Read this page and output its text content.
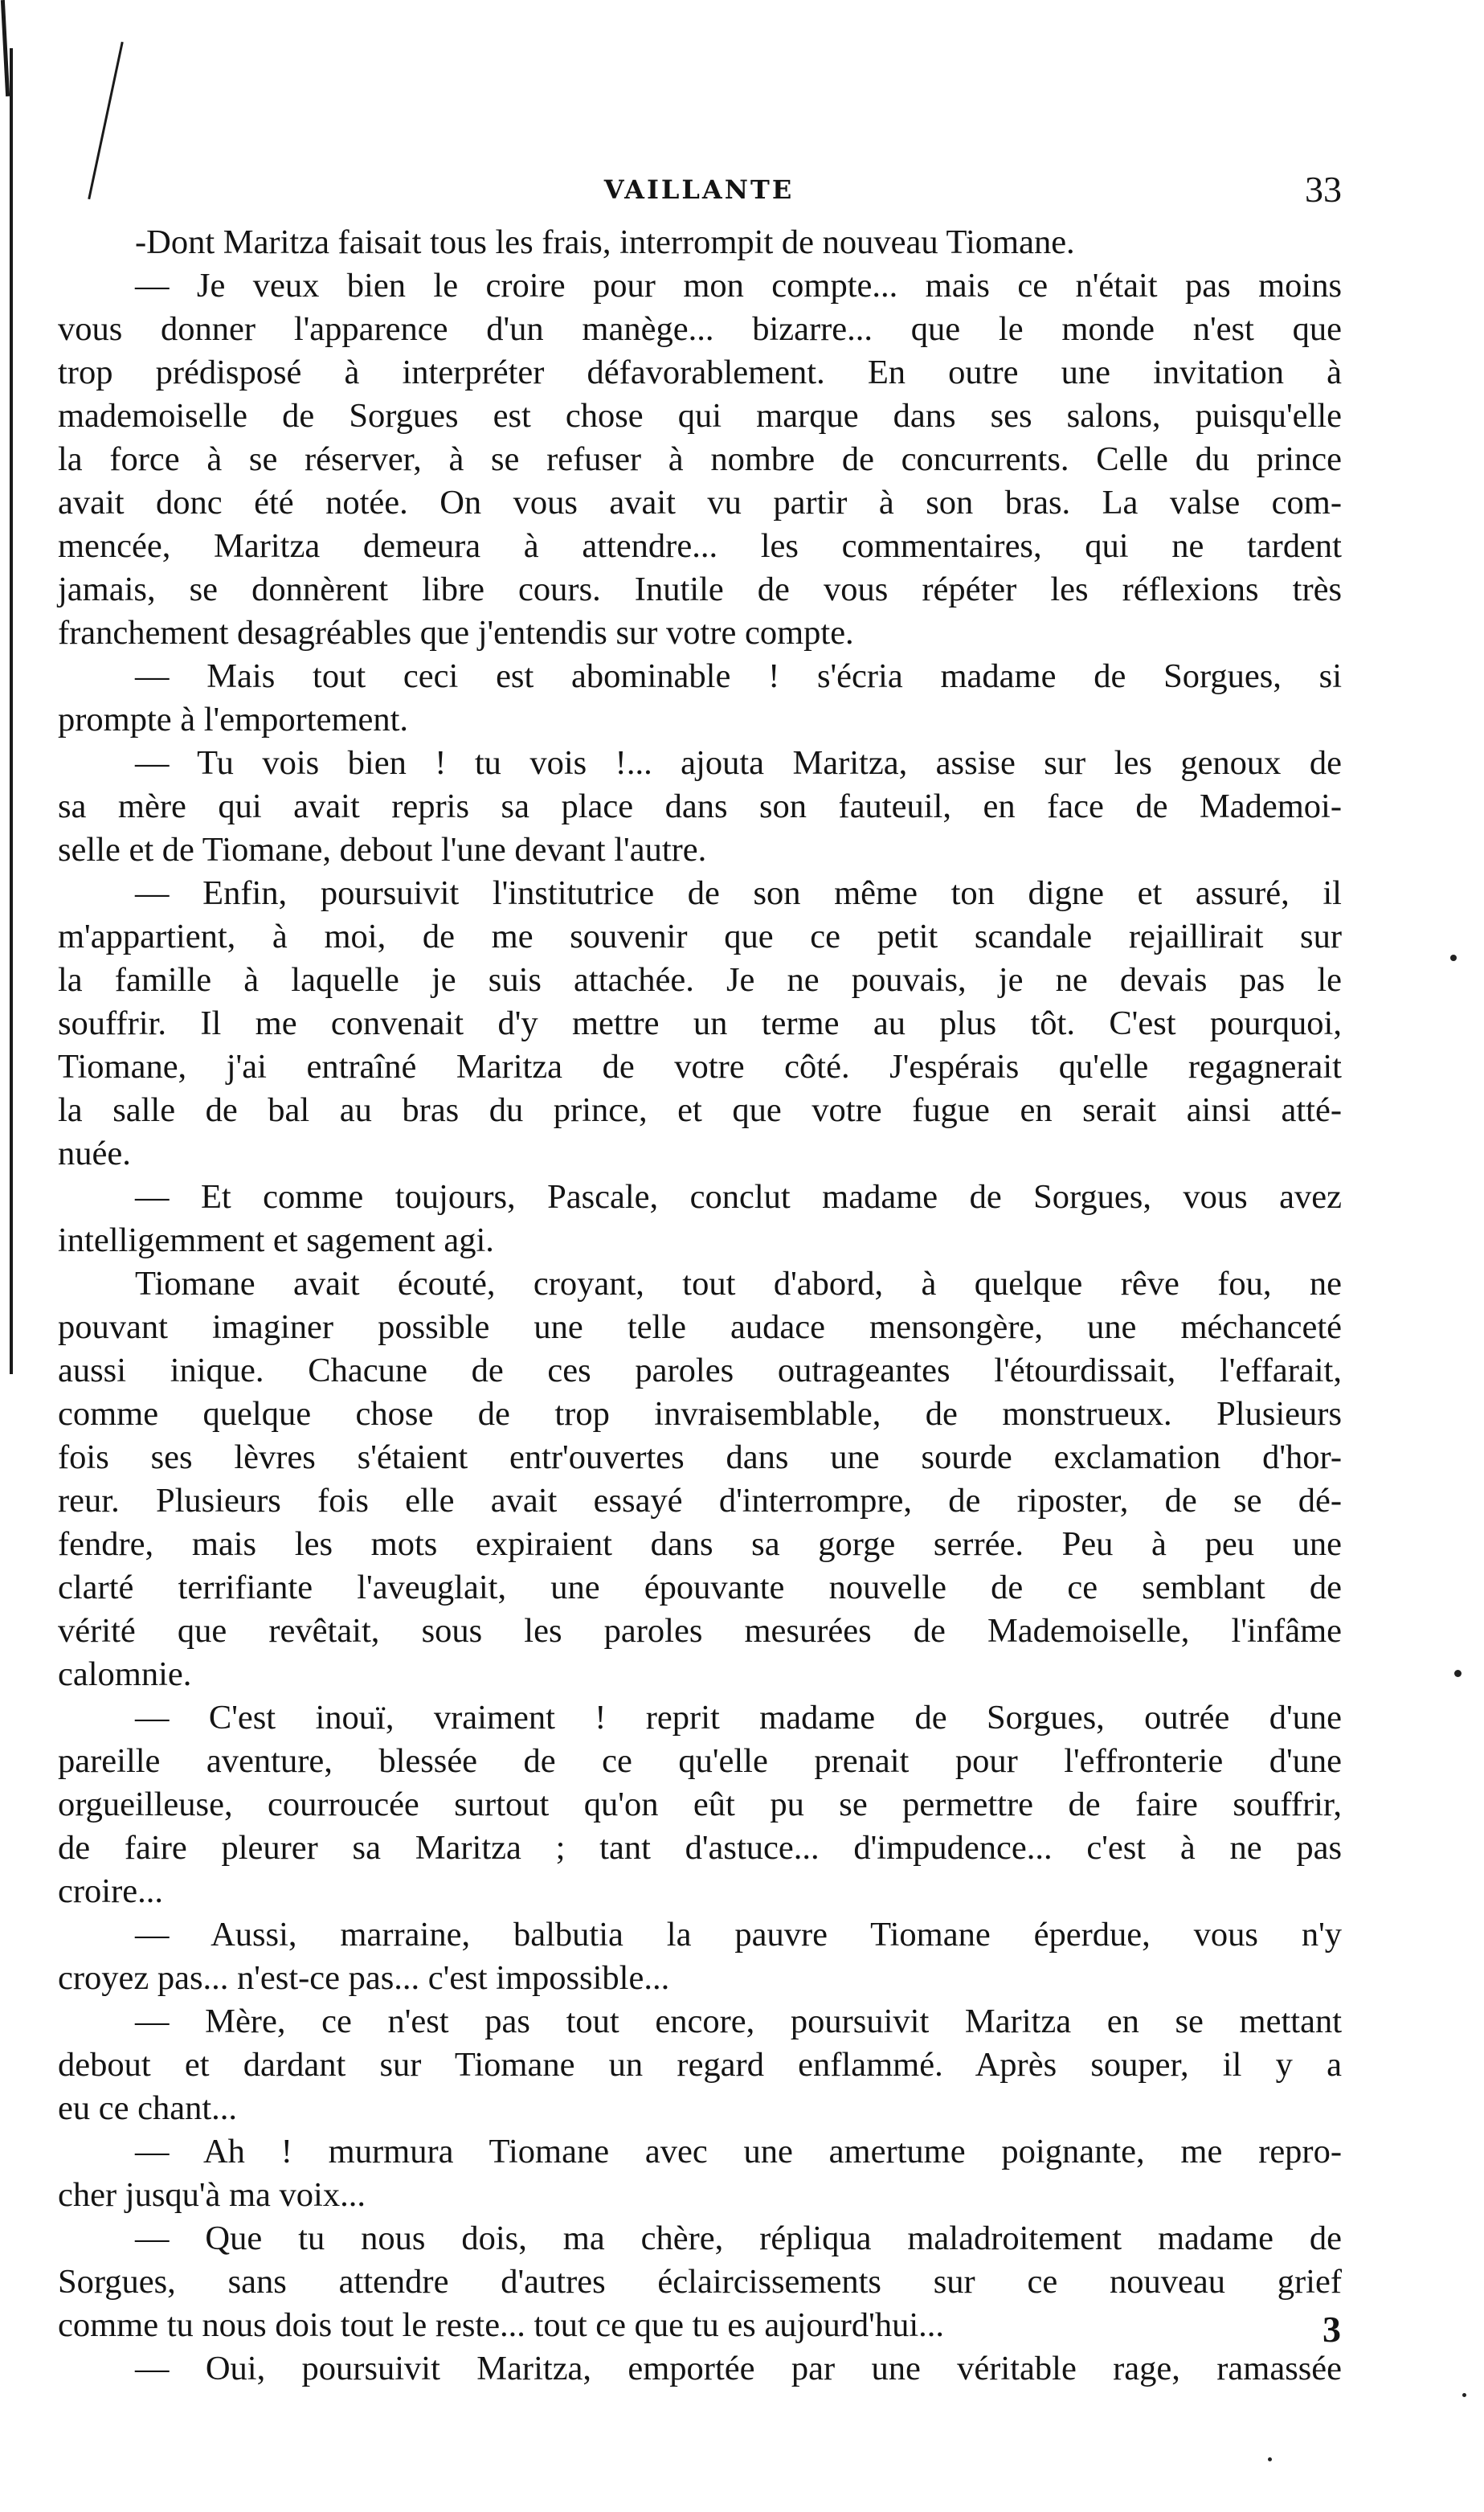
VAILLANTE	33
-Dont Maritza faisait tous les frais, interrompit de nouveau Tiomane.
— Je veux bien le croire pour mon compte... mais ce n'était pas moins
vous donner l'apparence d'un manège... bizarre... que le monde n'est que
trop prédisposé à interpréter défavorablement. En outre une invitation à
mademoiselle de Sorgues est chose qui marque dans ses salons, puisqu'elle
la force à se réserver, à se refuser à nombre de concurrents. Celle du prince
avait donc été notée. On vous avait vu partir à son bras. La valse com-
mencée, Maritza demeura à attendre... les commentaires, qui ne tardent
jamais, se donnèrent libre cours. Inutile de vous répéter les réflexions très
franchement desagréables que j'entendis sur votre compte.
— Mais tout ceci est abominable ! s'écria madame de Sorgues, si
prompte à l'emportement.
— Tu vois bien ! tu vois !... ajouta Maritza, assise sur les genoux de
sa mère qui avait repris sa place dans son fauteuil, en face de Mademoi-
selle et de Tiomane, debout l'une devant l'autre.
— Enfin, poursuivit l'institutrice de son même ton digne et assuré, il
m'appartient, à moi, de me souvenir que ce petit scandale rejaillirait sur
la famille à laquelle je suis attachée. Je ne pouvais, je ne devais pas le
souffrir. Il me convenait d'y mettre un terme au plus tôt. C'est pourquoi,
Tiomane, j'ai entraîné Maritza de votre côté. J'espérais qu'elle regagnerait
la salle de bal au bras du prince, et que votre fugue en serait ainsi atté-
nuée.
— Et comme toujours, Pascale, conclut madame de Sorgues, vous avez
intelligemment et sagement agi.
Tiomane avait écouté, croyant, tout d'abord, à quelque rêve fou, ne
pouvant imaginer possible une telle audace mensongère, une méchanceté
aussi inique. Chacune de ces paroles outrageantes l'étourdissait, l'effarait,
comme quelque chose de trop invraisemblable, de monstrueux. Plusieurs
fois ses lèvres s'étaient entr'ouvertes dans une sourde exclamation d'hor-
reur. Plusieurs fois elle avait essayé d'interrompre, de riposter, de se dé-
fendre, mais les mots expiraient dans sa gorge serrée. Peu à peu une
clarté terrifiante l'aveuglait, une épouvante nouvelle de ce semblant de
vérité que revêtait, sous les paroles mesurées de Mademoiselle, l'infâme
calomnie.
— C'est inouï, vraiment ! reprit madame de Sorgues, outrée d'une
pareille aventure, blessée de ce qu'elle prenait pour l'effronterie d'une
orgueilleuse, courroucée surtout qu'on eût pu se permettre de faire souffrir,
de faire pleurer sa Maritza ; tant d'astuce... d'impudence... c'est à ne pas
croire...
— Aussi, marraine, balbutia la pauvre Tiomane éperdue, vous n'y
croyez pas... n'est-ce pas... c'est impossible...
— Mère, ce n'est pas tout encore, poursuivit Maritza en se mettant
debout et dardant sur Tiomane un regard enflammé. Après souper, il y a
eu ce chant...
— Ah ! murmura Tiomane avec une amertume poignante, me repro-
cher jusqu'à ma voix...
— Que tu nous dois, ma chère, répliqua maladroitement madame de
Sorgues, sans attendre d'autres éclaircissements sur ce nouveau grief
comme tu nous dois tout le reste... tout ce que tu es aujourd'hui...
— Oui, poursuivit Maritza, emportée par une véritable rage, ramassée
3
